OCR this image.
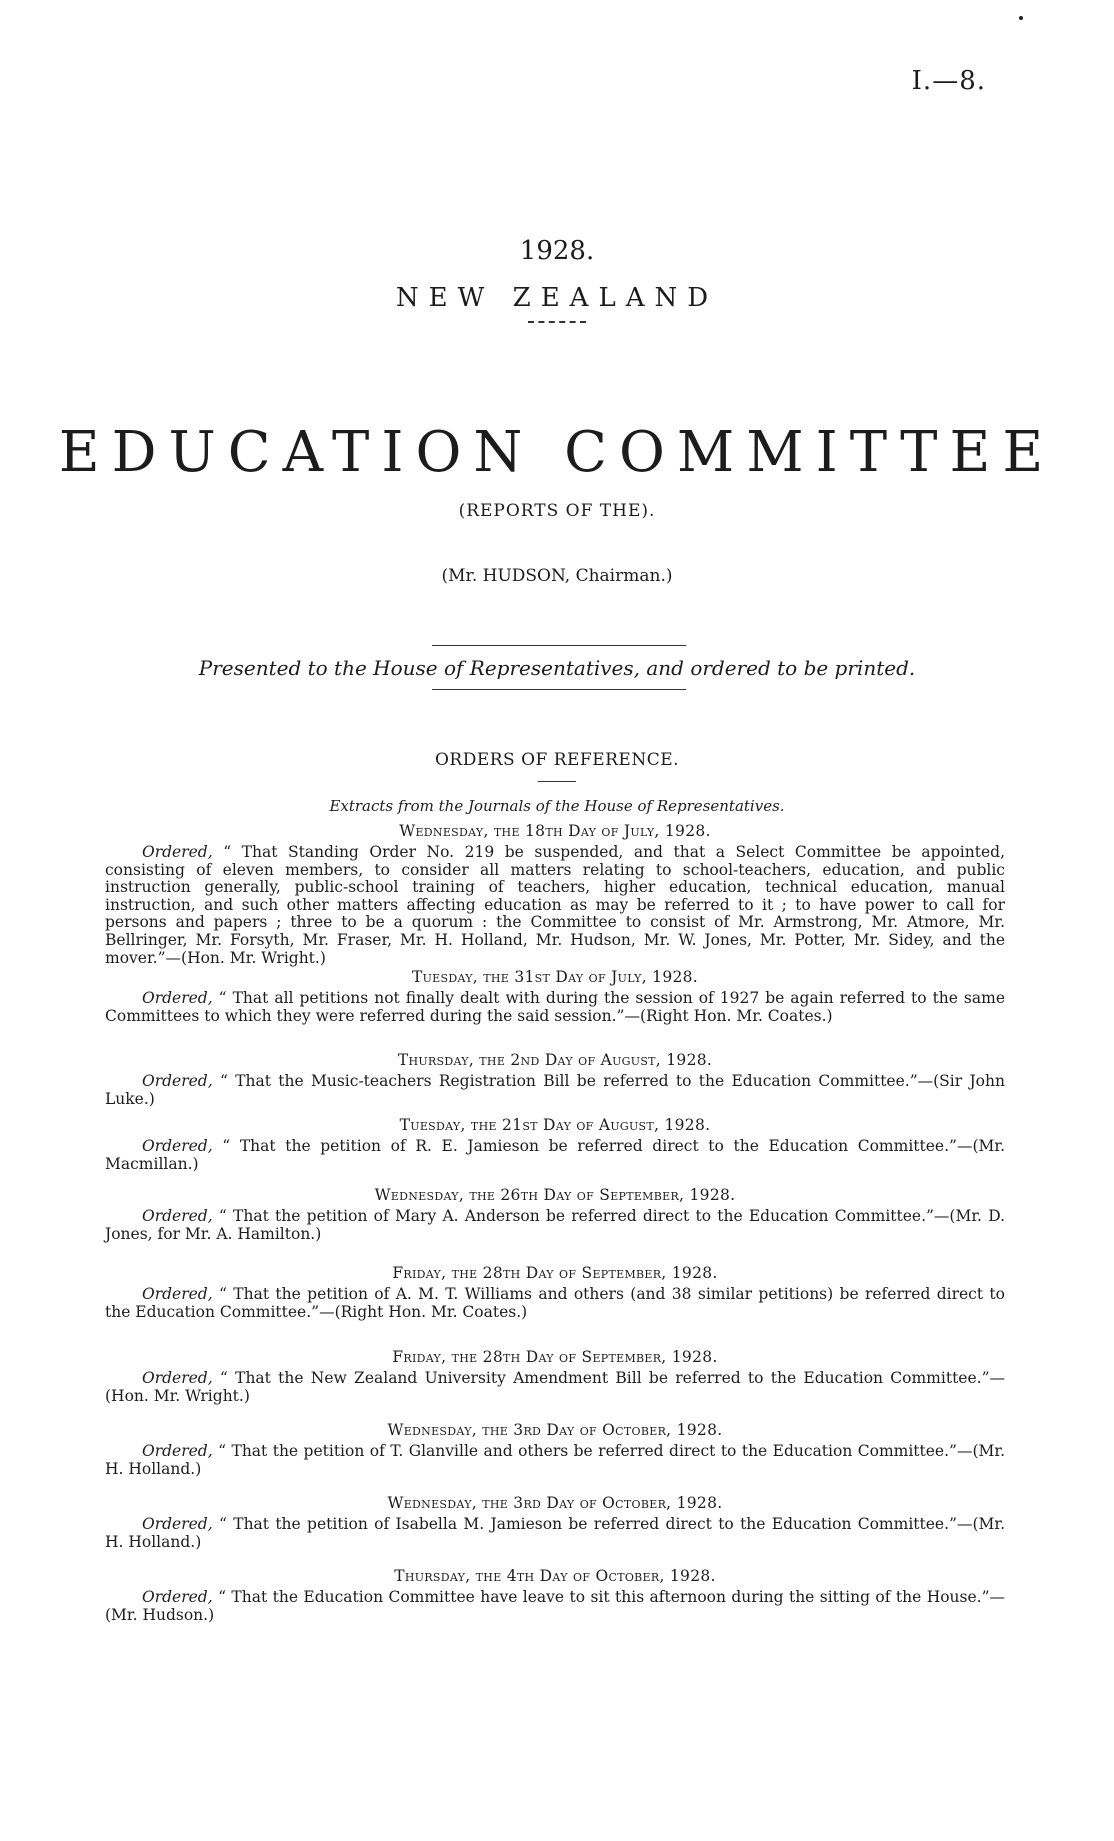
I.—8.
1928.
NEW ZEALAND
EDUCATION COMMITTEE
(REPORTS OF THE).
(Mr. HUDSON, Chairman.)
Presented to the House of Representatives, and ordered to be printed.
ORDERS OF REFERENCE.
Extracts from the Journals of the House of Representatives.
Wednesday, the 18th Day of July, 1928.
Ordered, “ That Standing Order No. 219 be suspended, and that a Select Committee be appointed, consisting of eleven members, to consider all matters relating to school-teachers, education, and public instruction generally, public-school training of teachers, higher education, technical education, manual instruction, and such other matters affecting education as may be referred to it ; to have power to call for persons and papers ; three to be a quorum : the Committee to consist of Mr. Armstrong, Mr. Atmore, Mr. Bellringer, Mr. Forsyth, Mr. Fraser, Mr. H. Holland, Mr. Hudson, Mr. W. Jones, Mr. Potter, Mr. Sidey, and the mover.”—(Hon. Mr. Wright.)
Tuesday, the 31st Day of July, 1928.
Ordered, “ That all petitions not finally dealt with during the session of 1927 be again referred to the same Committees to which they were referred during the said session.”—(Right Hon. Mr. Coates.)
Thursday, the 2nd Day of August, 1928.
Ordered, “ That the Music-teachers Registration Bill be referred to the Education Committee.”—(Sir John Luke.)
Tuesday, the 21st Day of August, 1928.
Ordered, “ That the petition of R. E. Jamieson be referred direct to the Education Committee.”—(Mr. Macmillan.)
Wednesday, the 26th Day of September, 1928.
Ordered, “ That the petition of Mary A. Anderson be referred direct to the Education Committee.”—(Mr. D. Jones, for Mr. A. Hamilton.)
Friday, the 28th Day of September, 1928.
Ordered, “ That the petition of A. M. T. Williams and others (and 38 similar petitions) be referred direct to the Education Committee.”—(Right Hon. Mr. Coates.)
Friday, the 28th Day of September, 1928.
Ordered, “ That the New Zealand University Amendment Bill be referred to the Education Committee.”—(Hon. Mr. Wright.)
Wednesday, the 3rd Day of October, 1928.
Ordered, “ That the petition of T. Glanville and others be referred direct to the Education Committee.”—(Mr. H. Holland.)
Wednesday, the 3rd Day of October, 1928.
Ordered, “ That the petition of Isabella M. Jamieson be referred direct to the Education Committee.”—(Mr. H. Holland.)
Thursday, the 4th Day of October, 1928.
Ordered, “ That the Education Committee have leave to sit this afternoon during the sitting of the House.”—(Mr. Hudson.)
